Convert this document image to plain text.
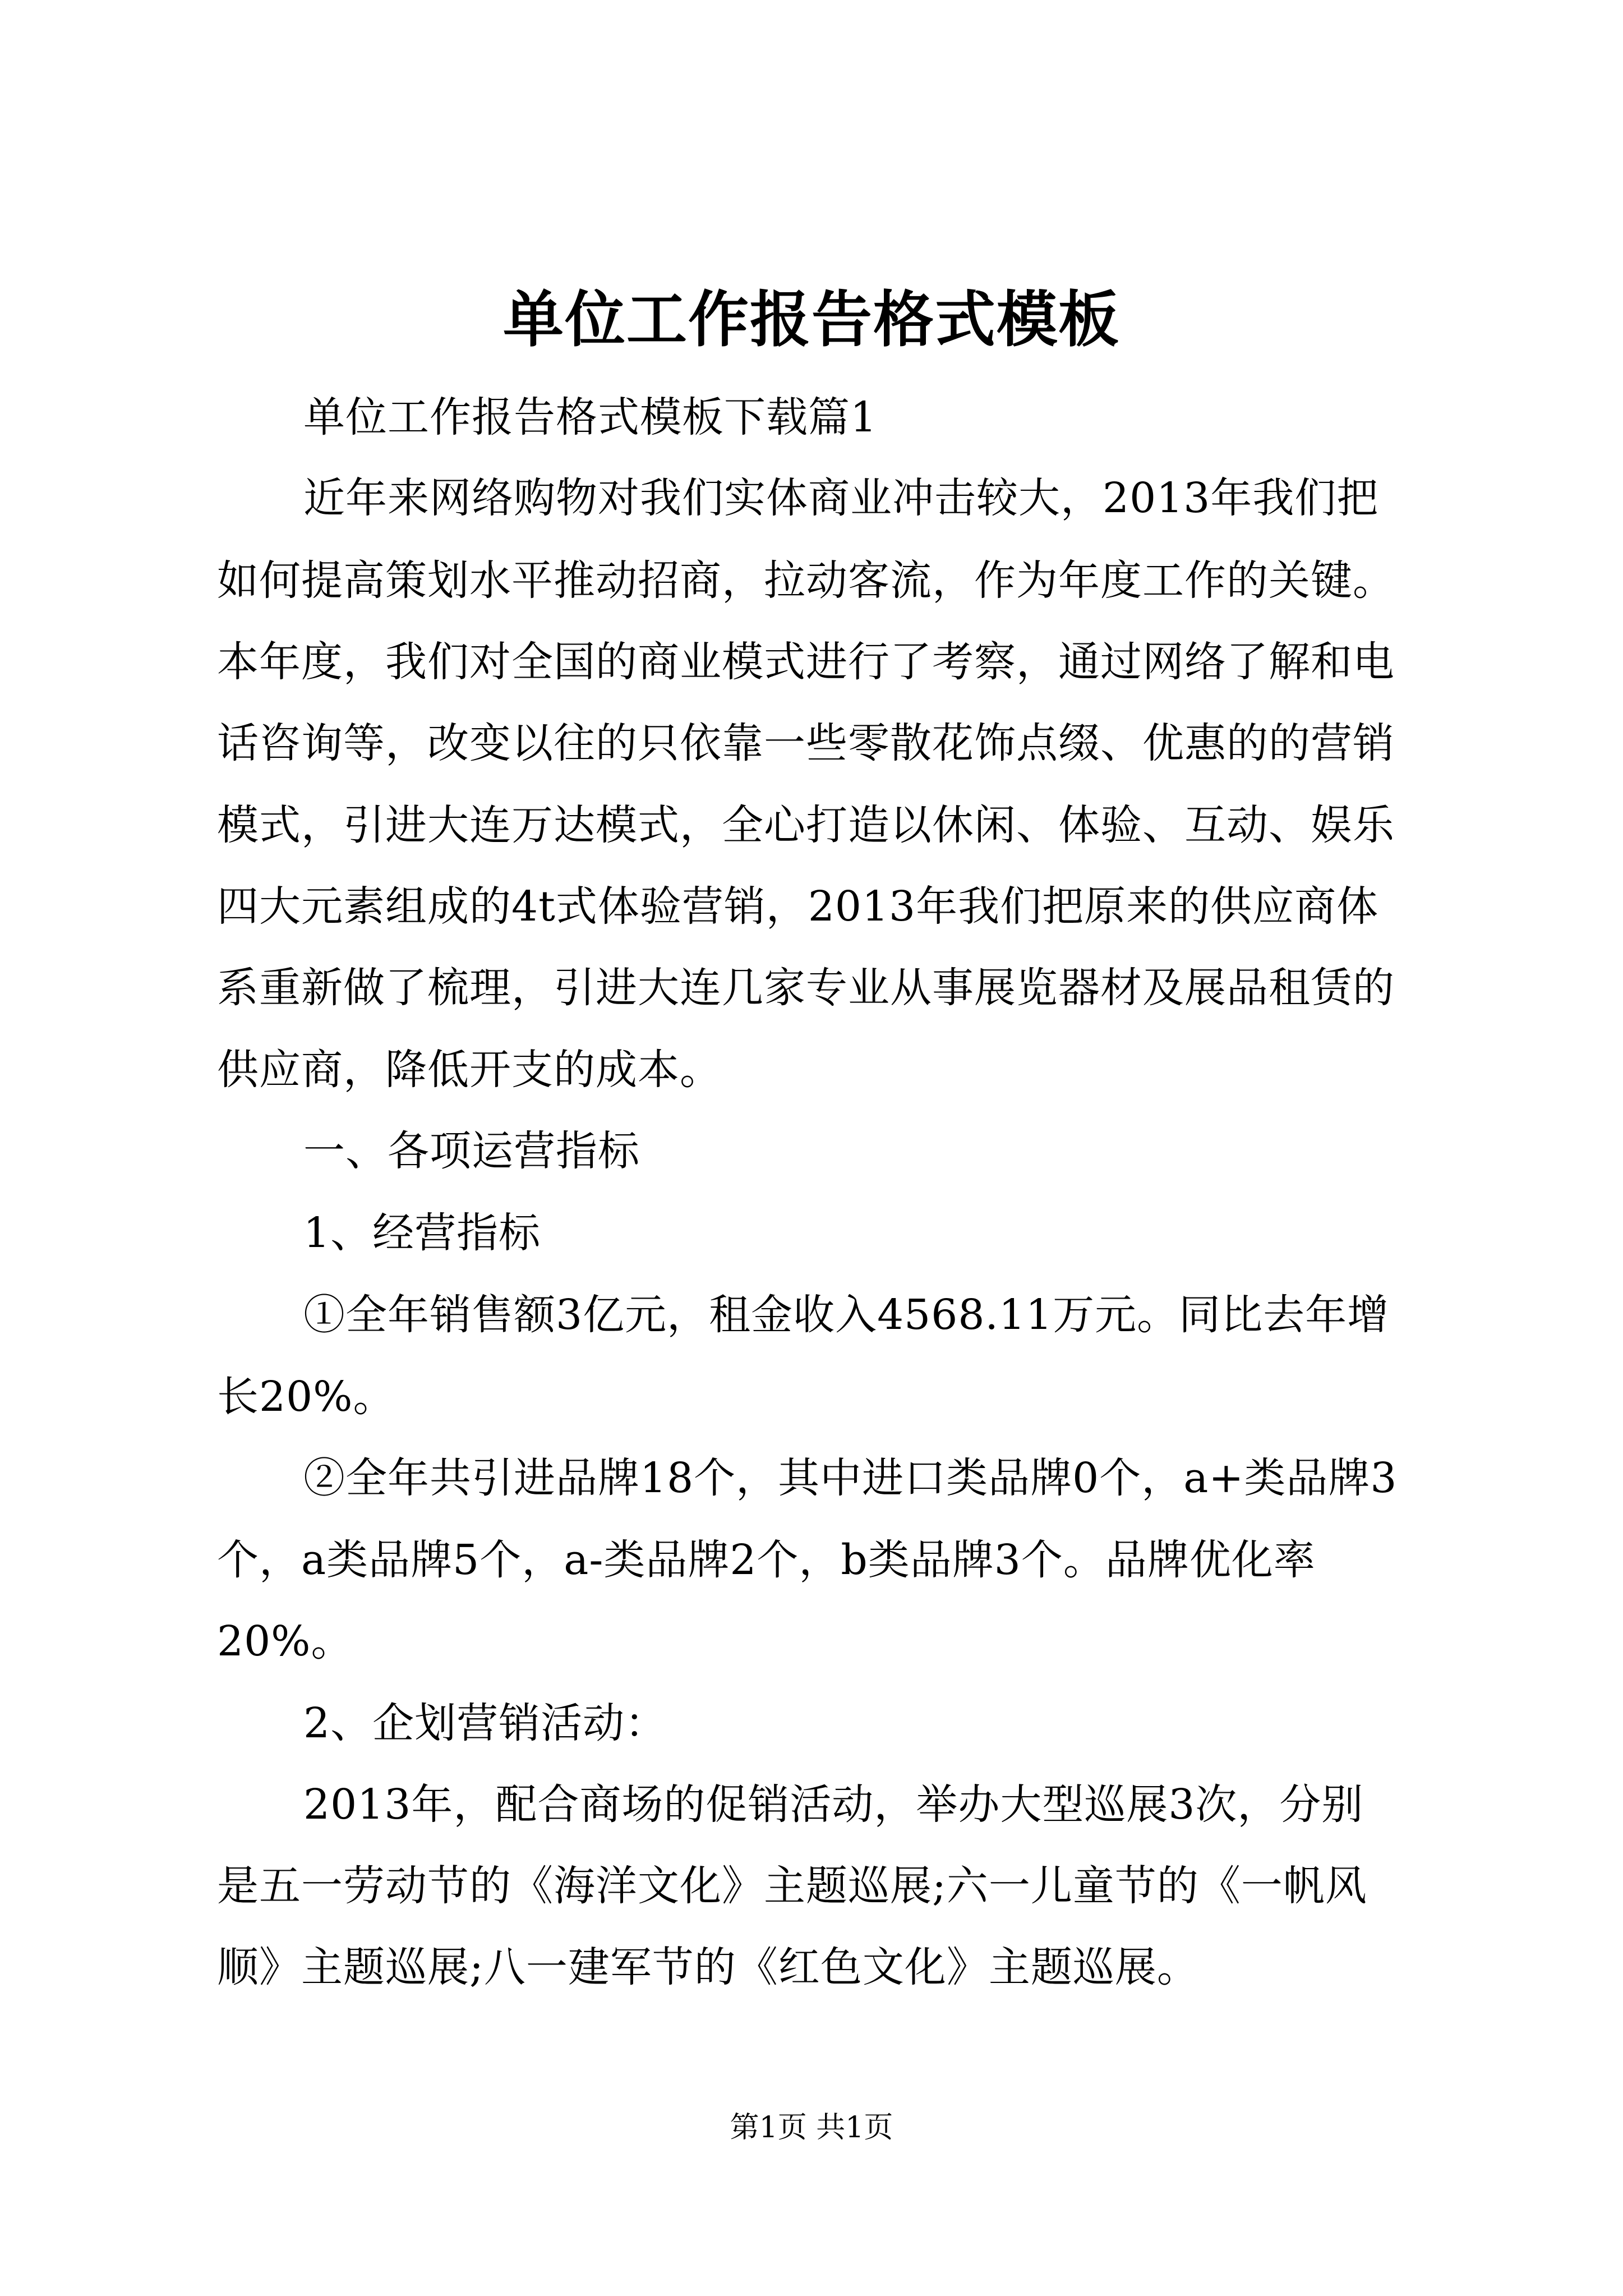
单位工作报告格式模板
单位工作报告格式模板下载篇1
近年来网络购物对我们实体商业冲击较大，2013年我们把
如何提高策划水平推动招商，拉动客流，作为年度工作的关键。
本年度，我们对全国的商业模式进行了考察，通过网络了解和电
话咨询等，改变以往的只依靠一些零散花饰点缀、优惠的的营销
模式，引进大连万达模式，全心打造以休闲、体验、互动、娱乐
四大元素组成的4t式体验营销，2013年我们把原来的供应商体
系重新做了梳理，引进大连几家专业从事展览器材及展品租赁的
供应商，降低开支的成本。
一、各项运营指标
1、经营指标
①全年销售额3亿元，租金收入4568.11万元。同比去年增
长20%。
②全年共引进品牌18个，其中进口类品牌0个，a+类品牌3
个，a类品牌5个，a-类品牌2个，b类品牌3个。品牌优化率
20%。
2、企划营销活动：
2013年，配合商场的促销活动，举办大型巡展3次，分别
是五一劳动节的《海洋文化》主题巡展;六一儿童节的《一帆风
顺》主题巡展;八一建军节的《红色文化》主题巡展。
第1页 共1页
